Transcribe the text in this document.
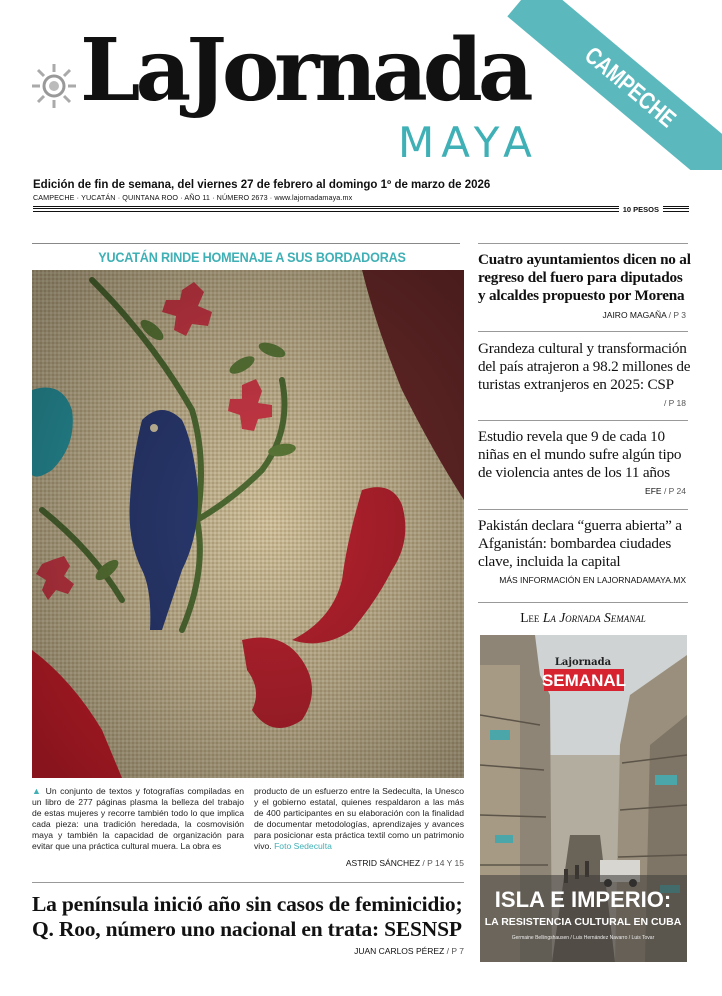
LaJornada
MAYA
CAMPECHE
Edición de fin de semana, del viernes 27 de febrero al domingo 1º de marzo de 2026
CAMPECHE · YUCATÁN · QUINTANA ROO · AÑO 11 · NÚMERO 2673 · www.lajornadamaya.mx
10 PESOS
YUCATÁN RINDE HOMENAJE A SUS BORDADORAS

▲ Un conjunto de textos y fotografías compiladas en un libro de 277 páginas plasma la belleza del trabajo de estas mujeres y recorre también todo lo que implica cada pieza: una tradición heredada, la cosmovisión maya y también la capacidad de organización para evitar que una práctica cultural muera. La obra es

producto de un esfuerzo entre la Sedeculta, la Unesco y el gobierno estatal, quienes respaldaron a las más de 400 participantes en su elaboración con la finalidad de documentar metodologías, aprendizajes y avances para posicionar esta práctica textil como un patrimonio vivo. Foto Sedeculta

ASTRID SÁNCHEZ / P 14 Y 15
La península inició año sin casos de feminicidio; Q. Roo, número uno nacional en trata: SESNSP
JUAN CARLOS PÉREZ / P 7
Cuatro ayuntamientos dicen no al regreso del fuero para diputados y alcaldes propuesto por Morena
JAIRO MAGAÑA / P 3
Grandeza cultural y transformación del país atrajeron a 98.2 millones de turistas extranjeros en 2025: CSP
/ P 18
Estudio revela que 9 de cada 10 niñas en el mundo sufre algún tipo de violencia antes de los 11 años
EFE / P 24
Pakistán declara “guerra abierta” a Afganistán: bombardea ciudades clave, incluida la capital
MÁS INFORMACIÓN EN LAJORNADAMAYA.MX
Lee La Jornada Semanal
Lajornada
SEMANAL
ISLA E IMPERIO:
LA RESISTENCIA CULTURAL EN CUBA
Germaine Bellingshausen / Luis Hernández Navarro / Luis Tovar
